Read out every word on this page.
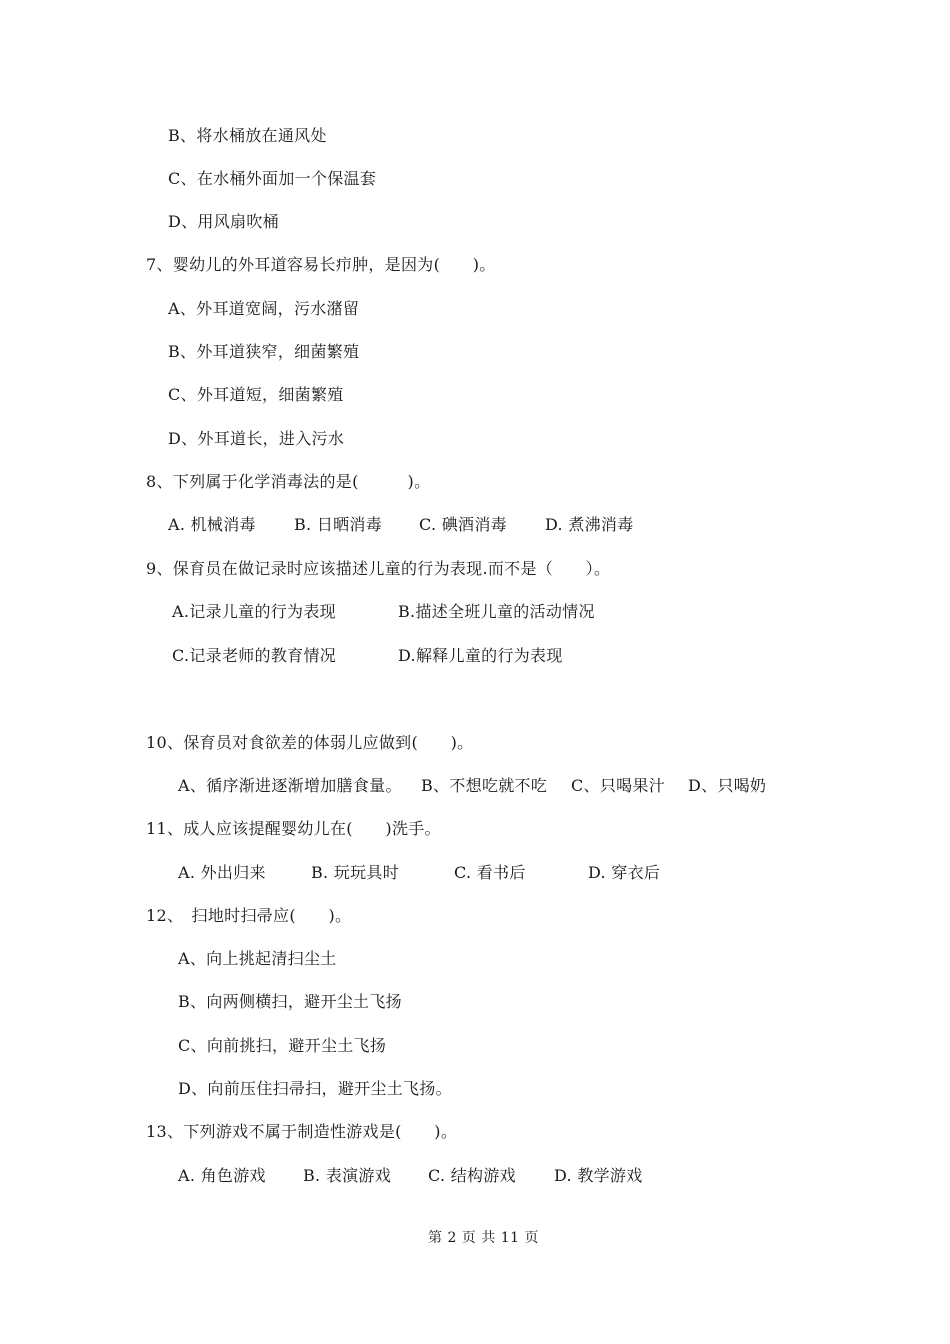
B、将水桶放在通风处
C、在水桶外面加一个保温套
D、用风扇吹桶
7、婴幼儿的外耳道容易长疖肿，是因为(　　)。
A、外耳道宽阔，污水潴留
B、外耳道狭窄，细菌繁殖
C、外耳道短，细菌繁殖
D、外耳道长，进入污水
8、下列属于化学消毒法的是(　　　)。
A. 机械消毒 B. 日晒消毒 C. 碘酒消毒 D. 煮沸消毒
9、保育员在做记录时应该描述儿童的行为表现.而不是（　　）。
A.记录儿童的行为表现	B.描述全班儿童的活动情况
C.记录老师的教育情况	D.解释儿童的行为表现
10、保育员对食欲差的体弱儿应做到(　　)。
A、循序渐进逐渐增加膳食量。 B、不想吃就不吃 C、只喝果汁 D、只喝奶
11、成人应该提醒婴幼儿在(　　)洗手。
A. 外出归来	B. 玩玩具时	C. 看书后	D. 穿衣后
12、　扫地时扫帚应(　　)。
A、向上挑起清扫尘土
B、向两侧横扫，避开尘土飞扬
C、向前挑扫，避开尘土飞扬
D、向前压住扫帚扫，避开尘土飞扬。
13、下列游戏不属于制造性游戏是(　　)。
A. 角色游戏 B. 表演游戏 C. 结构游戏 D. 教学游戏
第 2 页 共 11 页
